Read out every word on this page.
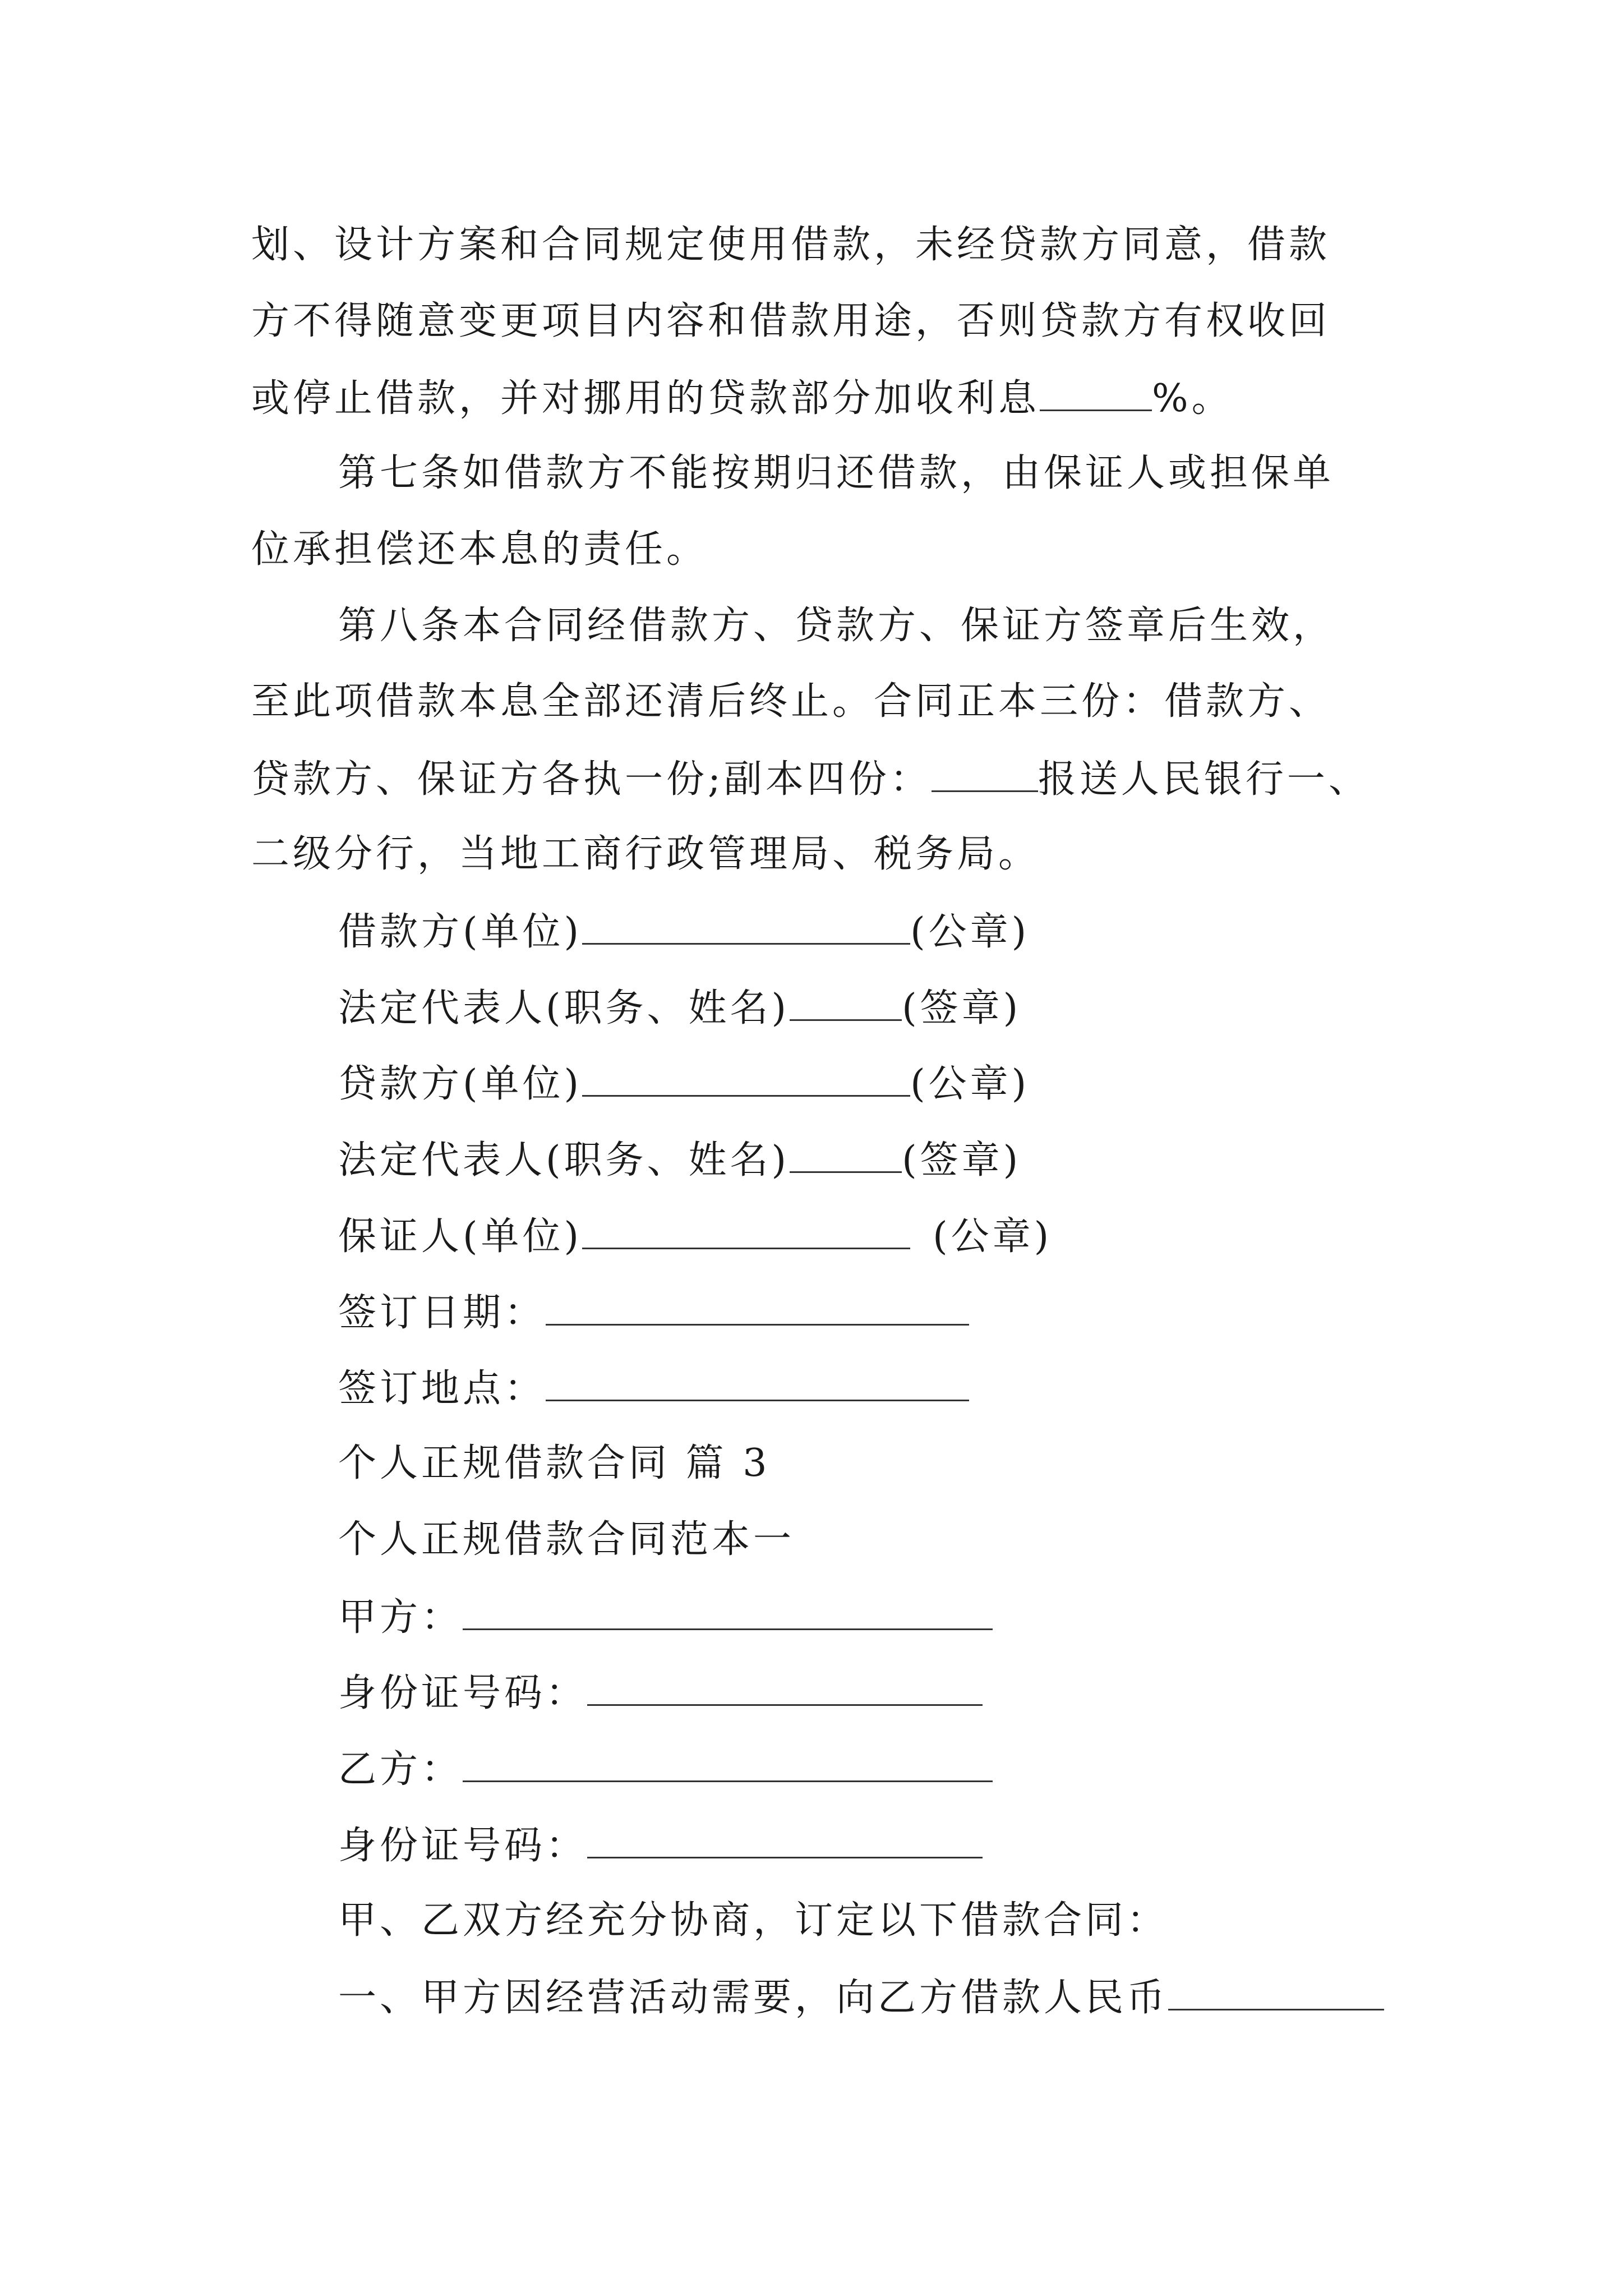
划、设计方案和合同规定使用借款，未经贷款方同意，借款
方不得随意变更项目内容和借款用途，否则贷款方有权收回
或停止借款，并对挪用的贷款部分加收利息	%。
第七条如借款方不能按期归还借款，由保证人或担保单
位承担偿还本息的责任。
第八条本合同经借款方、贷款方、保证方签章后生效，
至此项借款本息全部还清后终止。合同正本三份：借款方、
贷款方、保证方各执一份;副本四份：	报送人民银行一、
二级分行，当地工商行政管理局、税务局。
借款方(单位)	(公章)
法定代表人(职务、姓名)	(签章)
贷款方(单位)	(公章)
法定代表人(职务、姓名)	(签章)
保证人(单位)	(公章)
签订日期：
签订地点：
个人正规借款合同 篇 3
个人正规借款合同范本一
甲方：
身份证号码：
乙方：
身份证号码：
甲、乙双方经充分协商，订定以下借款合同：
一、甲方因经营活动需要，向乙方借款人民币
